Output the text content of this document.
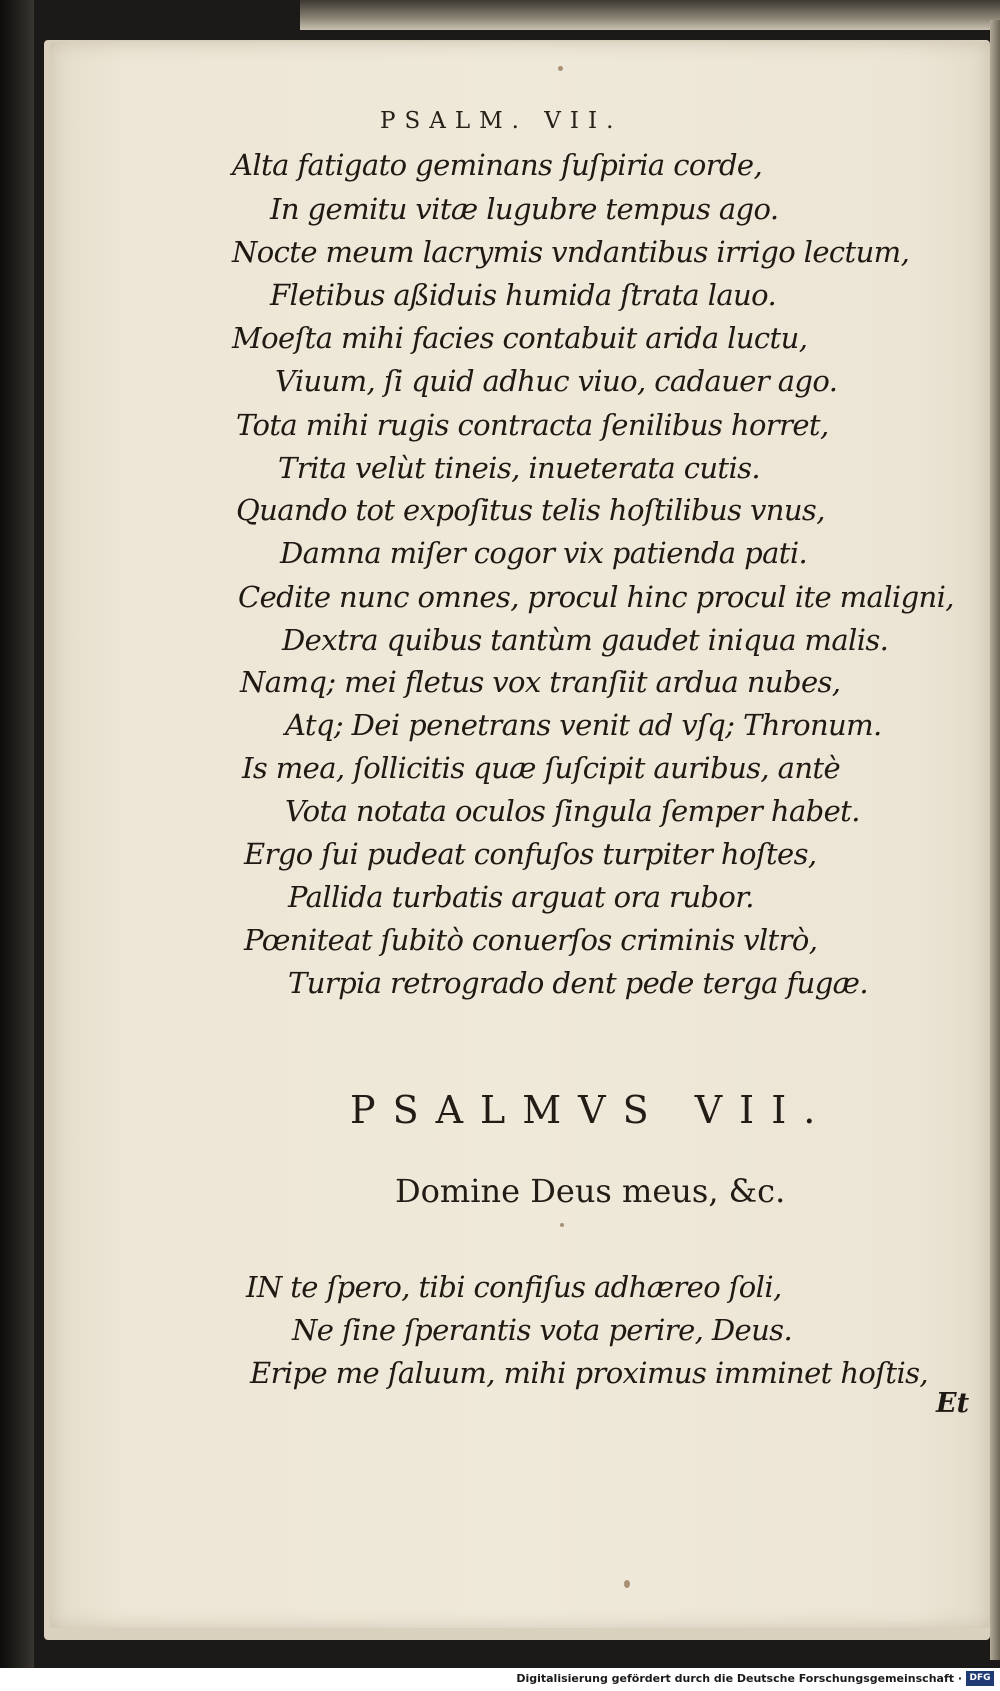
PSALM. VII.
Alta fatigato geminans ſuſpiria corde,
In gemitu vitæ lugubre tempus ago.
Nocte meum lacrymis vndantibus irrigo lectum,
Fletibus aßiduis humida ſtrata lauo.
Moeſta mihi facies contabuit arida luctu,
Viuum, ſi quid adhuc viuo, cadauer ago.
Tota mihi rugis contracta ſenilibus horret,
Trita velùt tineis, inueterata cutis.
Quando tot expoſitus telis hoſtilibus vnus,
Damna miſer cogor vix patienda pati.
Cedite nunc omnes, procul hinc procul ite maligni,
Dextra quibus tantùm gaudet iniqua malis.
Namq; mei fletus vox tranſiit ardua nubes,
Atq; Dei penetrans venit ad vſq; Thronum.
Is mea, ſollicitis quæ ſuſcipit auribus, antè
Vota notata oculos ſingula ſemper habet.
Ergo ſui pudeat confuſos turpiter hoſtes,
Pallida turbatis arguat ora rubor.
Pœniteat ſubitò conuerſos criminis vltrò,
Turpia retrogrado dent pede terga fugæ.
PSALMVS VII.
Domine Deus meus, &c.
IN te ſpero, tibi confiſus adhæreo ſoli,
Ne ſine ſperantis vota perire, Deus.
Eripe me ſaluum, mihi proximus imminet hoſtis,
Et
Digitalisierung gefördert durch die Deutsche Forschungsgemeinschaft · DFG
